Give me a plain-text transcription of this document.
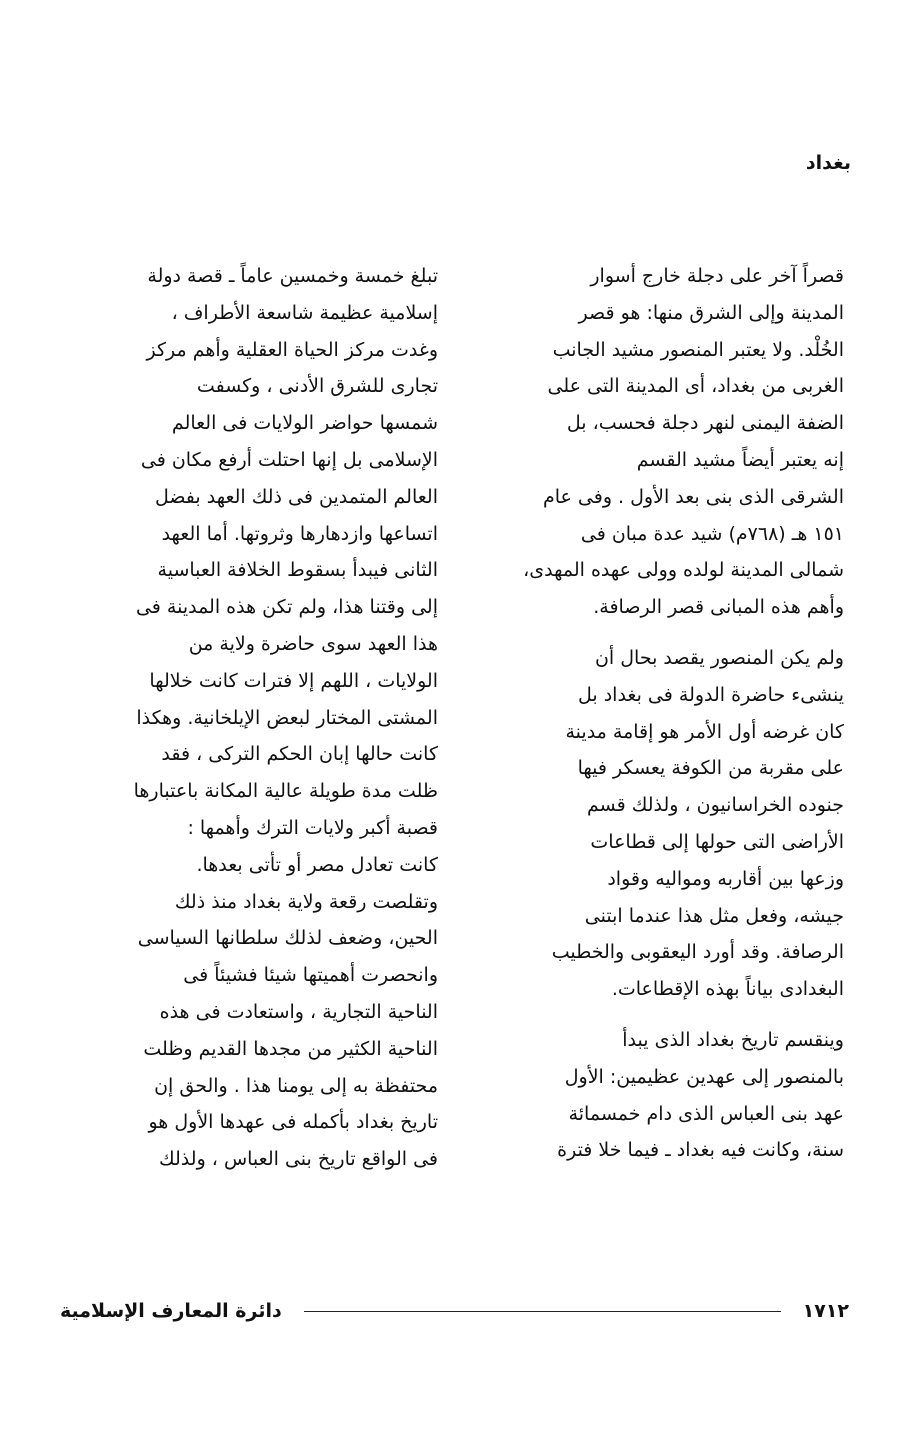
بغداد
قصراً آخر على دجلة خارج أسوار
المدينة وإلى الشرق منها: هو قصر
الخُلْد. ولا يعتبر المنصور مشيد الجانب
الغربى من بغداد، أى المدينة التى على
الضفة اليمنى لنهر دجلة فحسب، بل
إنه يعتبر أيضاً مشيد القسم
الشرقى الذى بنى بعد الأول . وفى عام
١٥١ هـ (٧٦٨م) شيد عدة مبان فى
شمالى المدينة لولده وولى عهده المهدى،
وأهم هذه المبانى قصر الرصافة.
ولم يكن المنصور يقصد بحال أن
ينشىء حاضرة الدولة فى بغداد بل
كان غرضه أول الأمر هو إقامة مدينة
على مقربة من الكوفة يعسكر فيها
جنوده الخراسانيون ، ولذلك قسم
الأراضى التى حولها إلى قطاعات
وزعها بين أقاربه ومواليه وقواد
جيشه، وفعل مثل هذا عندما ابتنى
الرصافة. وقد أورد اليعقوبى والخطيب
البغدادى بياناً بهذه الإقطاعات.
وينقسم تاريخ بغداد الذى يبدأ
بالمنصور إلى عهدين عظيمين: الأول
عهد بنى العباس الذى دام خمسمائة
سنة، وكانت فيه بغداد ـ فيما خلا فترة
تبلغ خمسة وخمسين عاماً ـ قصة دولة
إسلامية عظيمة شاسعة الأطراف ،
وغدت مركز الحياة العقلية وأهم مركز
تجارى للشرق الأدنى ، وكسفت
شمسها حواضر الولايات فى العالم
الإسلامى بل إنها احتلت أرفع مكان فى
العالم المتمدين فى ذلك العهد بفضل
اتساعها وازدهارها وثروتها. أما العهد
الثانى فيبدأ بسقوط الخلافة العباسية
إلى وقتنا هذا، ولم تكن هذه المدينة فى
هذا العهد سوى حاضرة ولاية من
الولايات ، اللهم إلا فترات كانت خلالها
المشتى المختار لبعض الإيلخانية. وهكذا
كانت حالها إبان الحكم التركى ، فقد
ظلت مدة طويلة عالية المكانة باعتبارها
قصبة أكبر ولايات الترك وأهمها :
كانت تعادل مصر أو تأتى بعدها.
وتقلصت رقعة ولاية بغداد منذ ذلك
الحين، وضعف لذلك سلطانها السياسى
وانحصرت أهميتها شيئا فشيئاً فى
الناحية التجارية ، واستعادت فى هذه
الناحية الكثير من مجدها القديم وظلت
محتفظة به إلى يومنا هذا . والحق إن
تاريخ بغداد بأكمله فى عهدها الأول هو
فى الواقع تاريخ بنى العباس ، ولذلك
١٧١٢
دائرة المعارف الإسلامية
